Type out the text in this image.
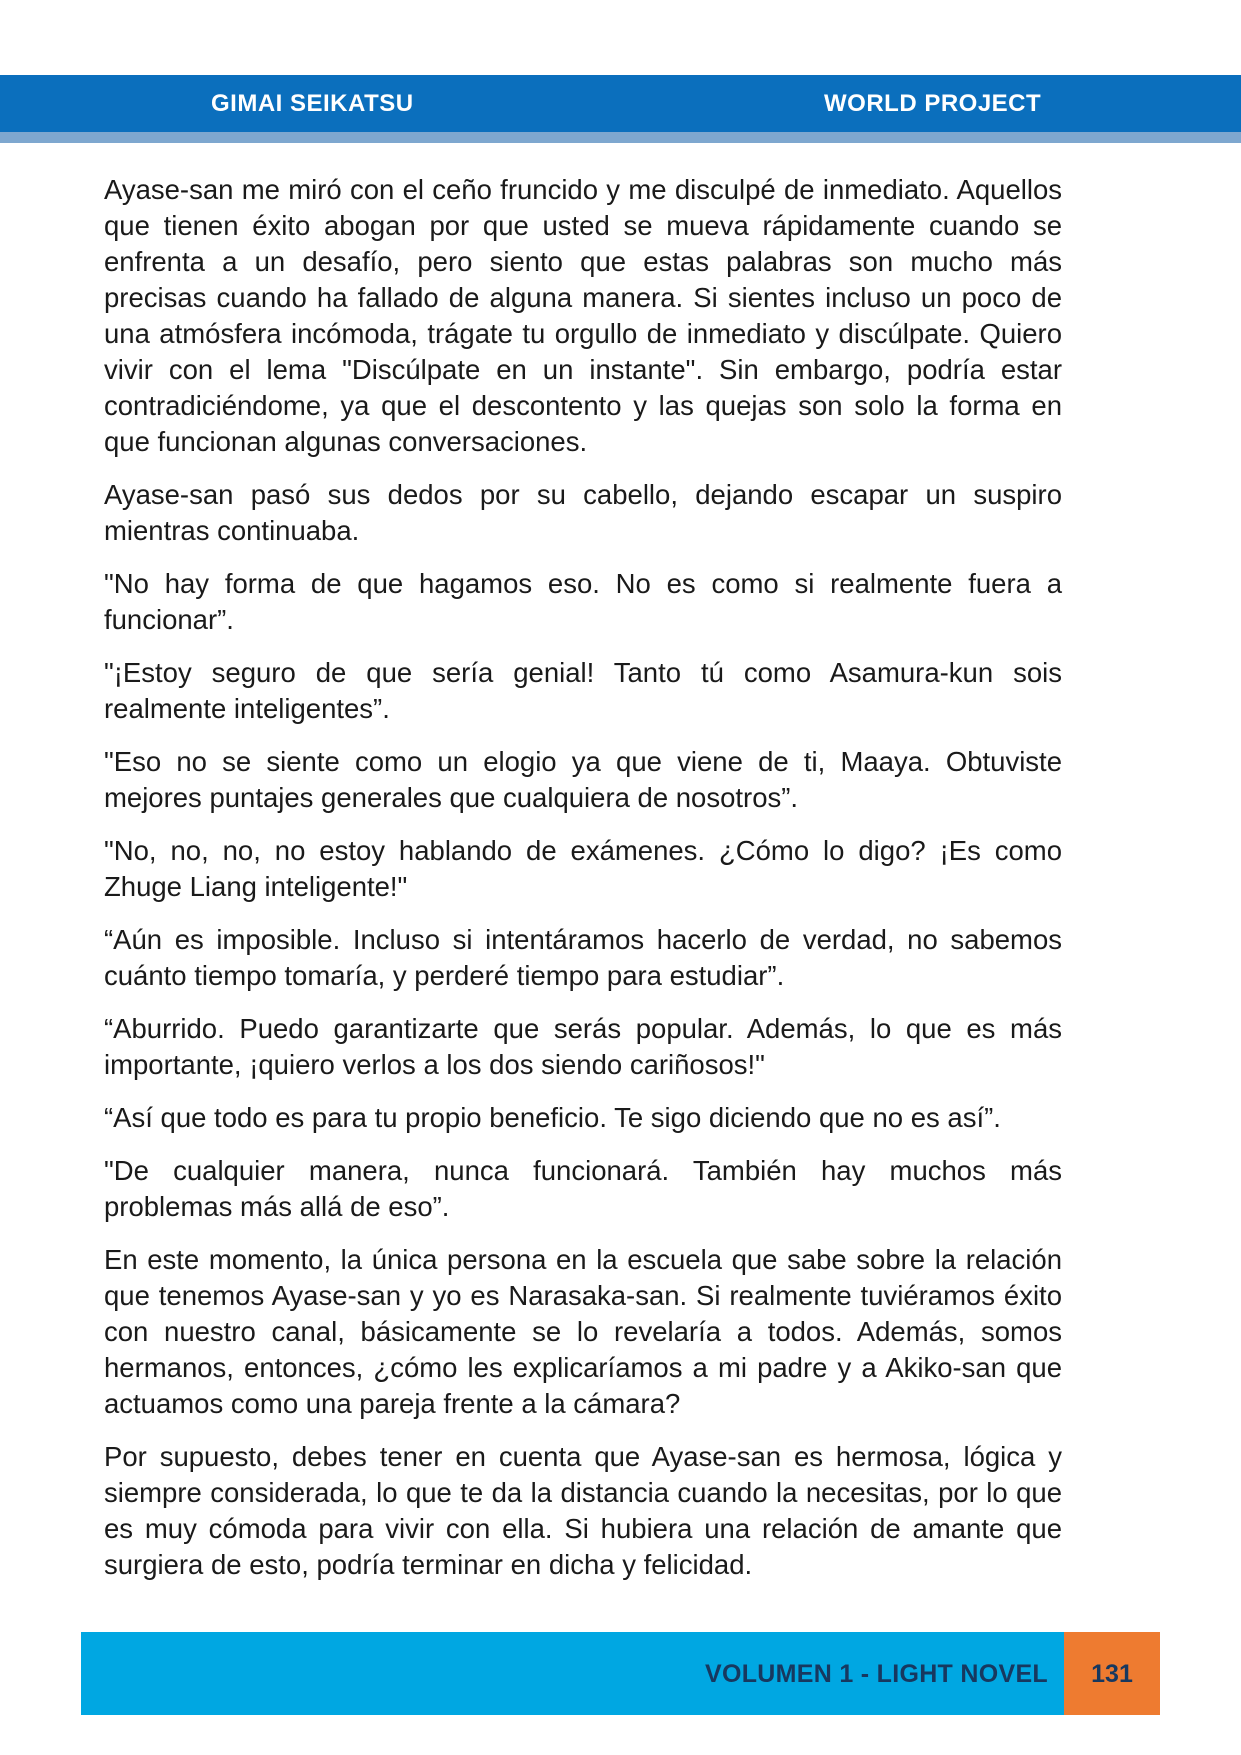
GIMAI SEIKATSU	WORLD PROJECT

Ayase-san me miró con el ceño fruncido y me disculpé de inmediato. Aquellos que tienen éxito abogan por que usted se mueva rápidamente cuando se enfrenta a un desafío, pero siento que estas palabras son mucho más precisas cuando ha fallado de alguna manera. Si sientes incluso un poco de una atmósfera incómoda, trágate tu orgullo de inmediato y discúlpate. Quiero vivir con el lema "Discúlpate en un instante". Sin embargo, podría estar contradiciéndome, ya que el descontento y las quejas son solo la forma en que funcionan algunas conversaciones.

Ayase-san pasó sus dedos por su cabello, dejando escapar un suspiro mientras continuaba.

"No hay forma de que hagamos eso. No es como si realmente fuera a funcionar”.

"¡Estoy seguro de que sería genial! Tanto tú como Asamura-kun sois realmente inteligentes”.

"Eso no se siente como un elogio ya que viene de ti, Maaya. Obtuviste mejores puntajes generales que cualquiera de nosotros”.

"No, no, no, no estoy hablando de exámenes. ¿Cómo lo digo? ¡Es como Zhuge Liang inteligente!"

“Aún es imposible. Incluso si intentáramos hacerlo de verdad, no sabemos cuánto tiempo tomaría, y perderé tiempo para estudiar”.

“Aburrido. Puedo garantizarte que serás popular. Además, lo que es más importante, ¡quiero verlos a los dos siendo cariñosos!"

“Así que todo es para tu propio beneficio. Te sigo diciendo que no es así”.

"De cualquier manera, nunca funcionará. También hay muchos más problemas más allá de eso”.

En este momento, la única persona en la escuela que sabe sobre la relación que tenemos Ayase-san y yo es Narasaka-san. Si realmente tuviéramos éxito con nuestro canal, básicamente se lo revelaría a todos. Además, somos hermanos, entonces, ¿cómo les explicaríamos a mi padre y a Akiko-san que actuamos como una pareja frente a la cámara?

Por supuesto, debes tener en cuenta que Ayase-san es hermosa, lógica y siempre considerada, lo que te da la distancia cuando la necesitas, por lo que es muy cómoda para vivir con ella. Si hubiera una relación de amante que surgiera de esto, podría terminar en dicha y felicidad.

VOLUMEN 1 - LIGHT NOVEL	131
